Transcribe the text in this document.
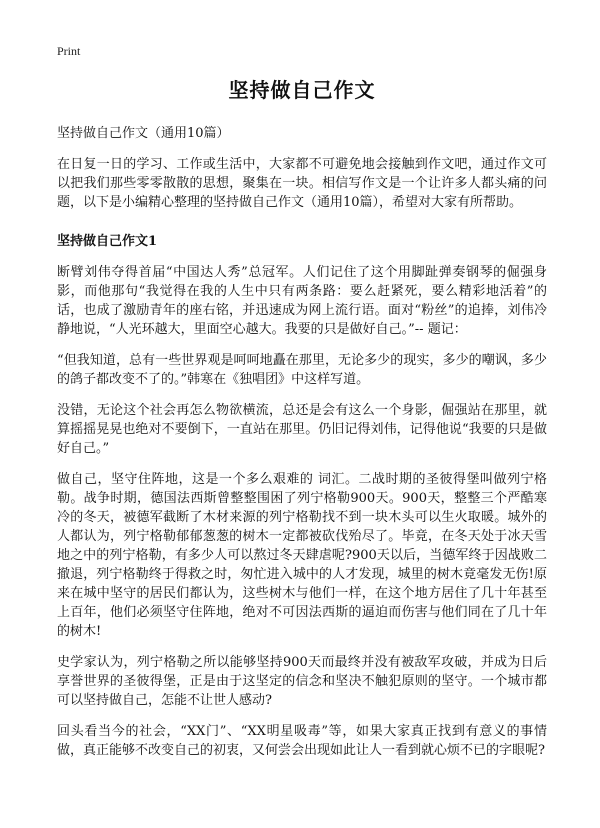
Print
坚持做自己作文
坚持做自己作文（通用10篇）

在日复一日的学习、工作或生活中，大家都不可避免地会接触到作文吧，通过作文可以把我们那些零零散散的思想，聚集在一块。相信写作文是一个让许多人都头痛的问题，以下是小编精心整理的坚持做自己作文（通用10篇），希望对大家有所帮助。

坚持做自己作文1

断臂刘伟夺得首届“中国达人秀”总冠军。人们记住了这个用脚趾弹奏钢琴的倔强身影，而他那句“我觉得在我的人生中只有两条路：要么赶紧死，要么精彩地活着”的话，也成了激励青年的座右铭，并迅速成为网上流行语。面对“粉丝”的追捧，刘伟冷静地说，“人光环越大，里面空心越大。我要的只是做好自己。”-- 题记：

“但我知道，总有一些世界观是呵呵地矗在那里，无论多少的现实，多少的嘲讽，多少的鸽子都改变不了的。”韩寒在《独唱团》中这样写道。

没错，无论这个社会再怎么物欲横流，总还是会有这么一个身影，倔强站在那里，就算摇摇晃晃也绝对不要倒下，一直站在那里。仍旧记得刘伟，记得他说“我要的只是做好自己。”

做自己，坚守住阵地，这是一个多么艰难的 词汇。二战时期的圣彼得堡叫做列宁格勒。战争时期，德国法西斯曾整整围困了列宁格勒900天。900天，整整三个严酷寒冷的冬天，被德军截断了木材来源的列宁格勒找不到一块木头可以生火取暖。城外的人都认为，列宁格勒郁郁葱葱的树木一定都被砍伐殆尽了。毕竟，在冬天处于冰天雪地之中的列宁格勒，有多少人可以熬过冬天肆虐呢?900天以后，当德军终于因战败二撤退，列宁格勒终于得救之时，匆忙进入城中的人才发现，城里的树木竟毫发无伤!原来在城中坚守的居民们都认为，这些树木与他们一样，在这个地方居住了几十年甚至上百年，他们必须坚守住阵地，绝对不可因法西斯的逼迫而伤害与他们同在了几十年的树木!

史学家认为，列宁格勒之所以能够坚持900天而最终并没有被敌军攻破，并成为日后享誉世界的圣彼得堡，正是由于这坚定的信念和坚决不触犯原则的坚守。一个城市都可以坚持做自己，怎能不让世人感动?

回头看当今的社会，“XX门”、“XX明星吸毒”等，如果大家真正找到有意义的事情做，真正能够不改变自己的初衷，又何尝会出现如此让人一看到就心烦不已的字眼呢?
